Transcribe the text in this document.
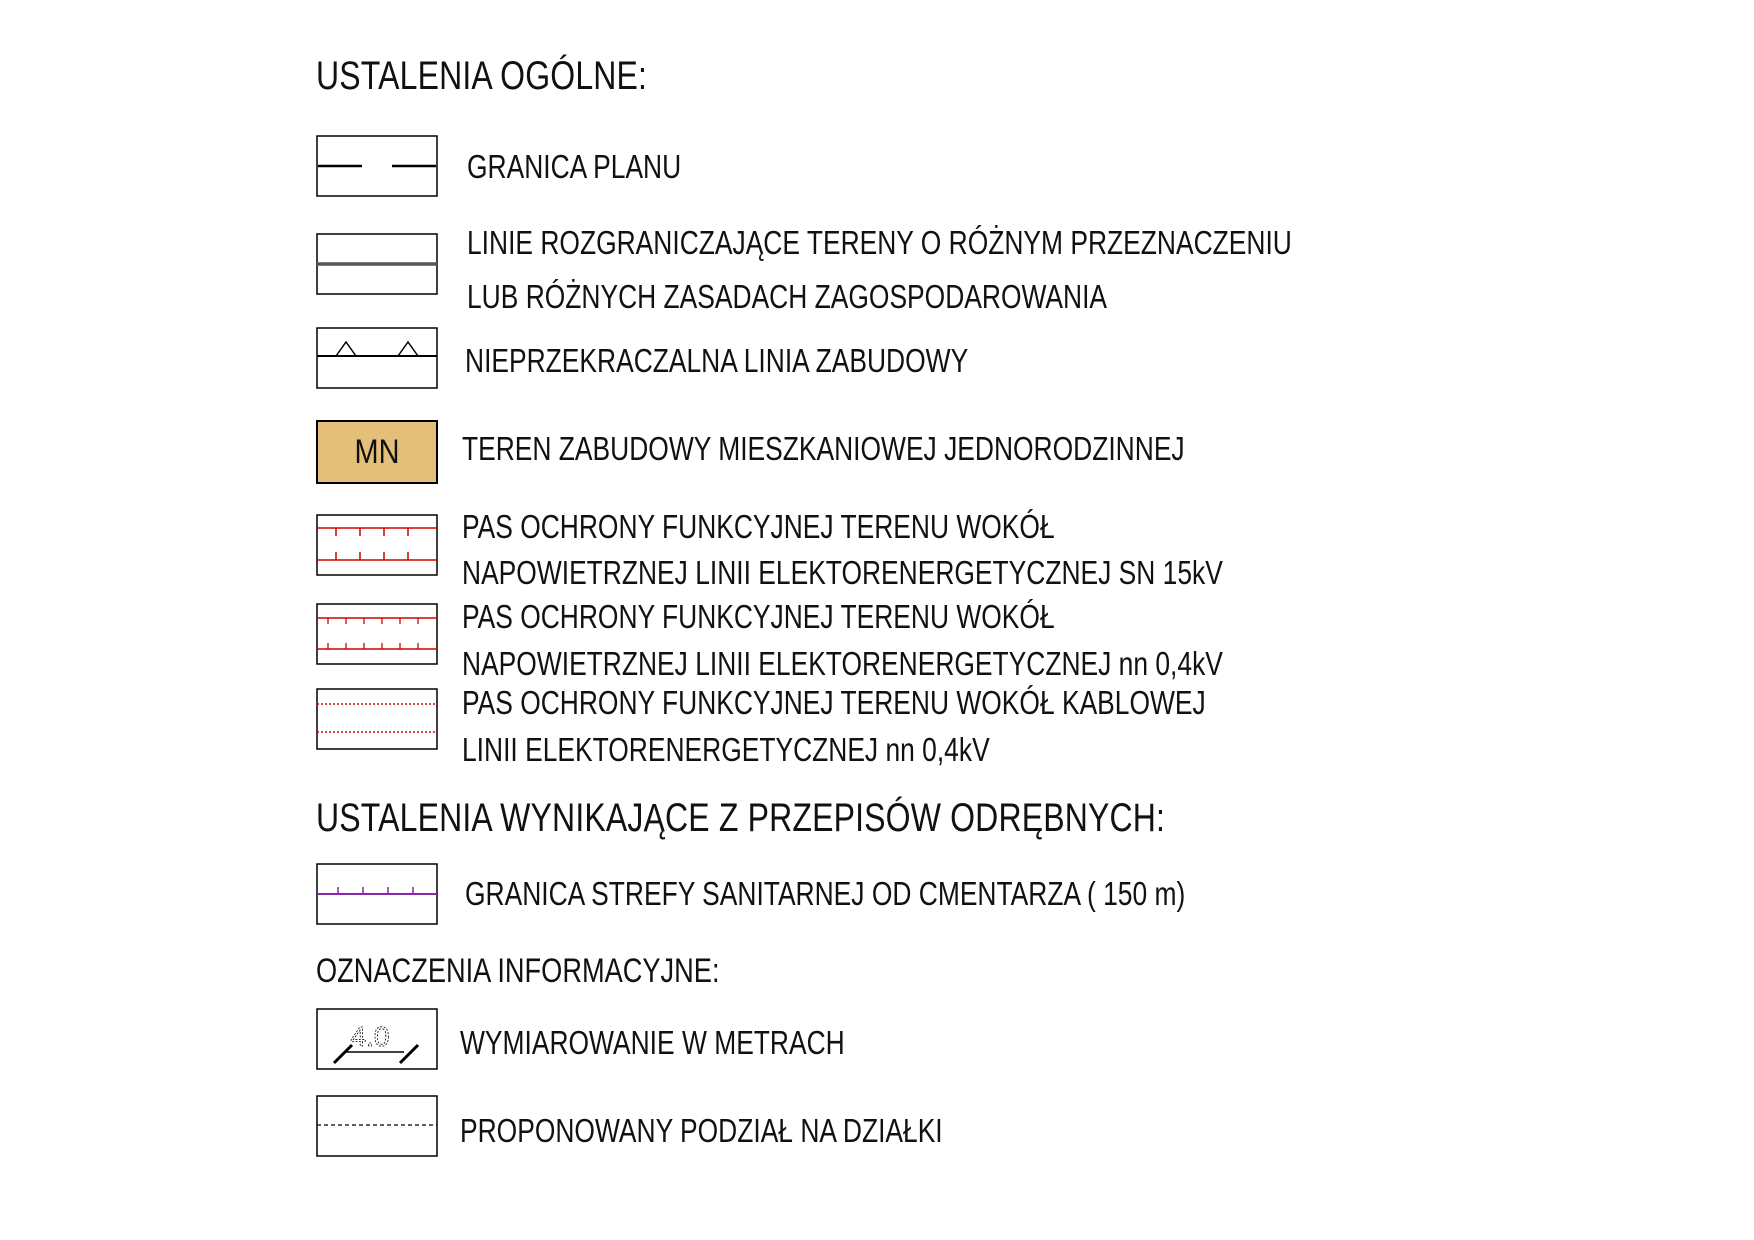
USTALENIA OGÓLNE:
GRANICA PLANU
LINIE ROZGRANICZAJĄCE TERENY O RÓŻNYM PRZEZNACZENIU
LUB RÓŻNYCH ZASADACH ZAGOSPODAROWANIA
NIEPRZEKRACZALNA LINIA ZABUDOWY
MN	TEREN ZABUDOWY MIESZKANIOWEJ JEDNORODZINNEJ
PAS OCHRONY FUNKCYJNEJ TERENU WOKÓŁ
NAPOWIETRZNEJ LINII ELEKTORENERGETYCZNEJ SN 15kV
PAS OCHRONY FUNKCYJNEJ TERENU WOKÓŁ
NAPOWIETRZNEJ LINII ELEKTORENERGETYCZNEJ nn 0,4kV
PAS OCHRONY FUNKCYJNEJ TERENU WOKÓŁ KABLOWEJ
LINII ELEKTORENERGETYCZNEJ nn 0,4kV
USTALENIA WYNIKAJĄCE Z PRZEPISÓW ODRĘBNYCH:
GRANICA STREFY SANITARNEJ OD CMENTARZA ( 150 m)
OZNACZENIA INFORMACYJNE:
4.0 WYMIAROWANIE W METRACH
PROPONOWANY PODZIAŁ NA DZIAŁKI
